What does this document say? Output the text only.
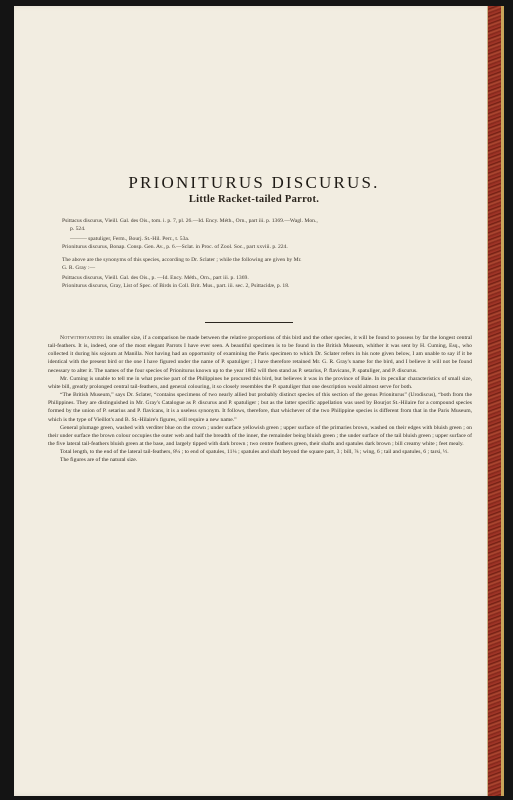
PRIONITURUS DISCURUS.
Little Racket-tailed Parrot.
Psittacus discurus, Vieill. Gal. des Ois., tom. i. p. 7, pl. 26.—Id. Ency. Méth., Orn., part iii. p. 1369.—Wagl. Mon.,
p. 524.
——— spatuliger, Ferm., Bourj. St.-Hil. Perr., t. 53a.
Prioniturus discurus, Bonap. Consp. Gen. Av., p. 6.—Sclat. in Proc. of Zool. Soc., part xxviii. p. 224.
The above are the synonyms of this species, according to Dr. Sclater ; while the following are given by Mr.
G. R. Gray :—
Psittacus discurus, Vieill. Gal. des Ois., p. —Id. Ency. Méth., Orn., part iii. p. 1369.
Prioniturus discurus, Gray, List of Spec. of Birds in Coll. Brit. Mus., part. iii. sec. 2, Psittacidæ, p. 18.

Notwithstanding its smaller size, if a comparison be made between the relative proportions of this bird and the other species, it will be found to possess by far the longest central tail-feathers. It is, indeed, one of the most elegant Parrots I have ever seen. A beautiful specimen is to be found in the British Museum, whither it was sent by H. Cuming, Esq., who collected it during his sojourn at Manilla. Not having had an opportunity of examining the Paris specimen to which Dr. Sclater refers in his note given below, I am unable to say if it be identical with the present bird or the one I have figured under the name of P. spatuliger ; I have therefore retained Mr. G. R. Gray's name for the bird, and I believe it will not be found necessary to alter it. The names of the four species of Prioniturus known up to the year 1862 will then stand as P. setarius, P. flavicans, P. spatuliger, and P. discurus.

Mr. Cuming is unable to tell me in what precise part of the Philippines he procured this bird, but believes it was in the province of Baie. In its peculiar characteristics of small size, white bill, greatly prolonged central tail-feathers, and general colouring, it so closely resembles the P. spatuliger that one description would almost serve for both.

“The British Museum,” says Dr. Sclater, “contains specimens of two nearly allied but probably distinct species of this section of the genus Prioniturus” (Urodiscus), “both from the Philippines. They are distinguished in Mr. Gray's Catalogue as P. discurus and P. spatuliger ; but as the latter specific appellation was used by Bourjot St.-Hilaire for a compound species formed by the union of P. setarius and P. flavicans, it is a useless synonym. It follows, therefore, that whichever of the two Philippine species is different from that in the Paris Museum, which is the type of Vieillot's and B. St.-Hilaire's figures, will require a new name.”

General plumage green, washed with verditer blue on the crown ; under surface yellowish green ; upper surface of the primaries brown, washed on their edges with bluish green ; on their under surface the brown colour occupies the outer web and half the breadth of the inner, the remainder being bluish green ; the under surface of the tail bluish green ; upper surface of the five lateral tail-feathers bluish green at the base, and largely tipped with dark brown ; two centre feathers green, their shafts and spatules dark brown ; bill creamy white ; feet mealy.

Total length, to the end of the lateral tail-feathers, 8¼ ; to end of spatules, 11¼ ; spatules and shaft beyond the square part, 3 ; bill, ⅞ ; wing, 6 ; tail and spatules, 6 ; tarsi, ½.

The figures are of the natural size.
